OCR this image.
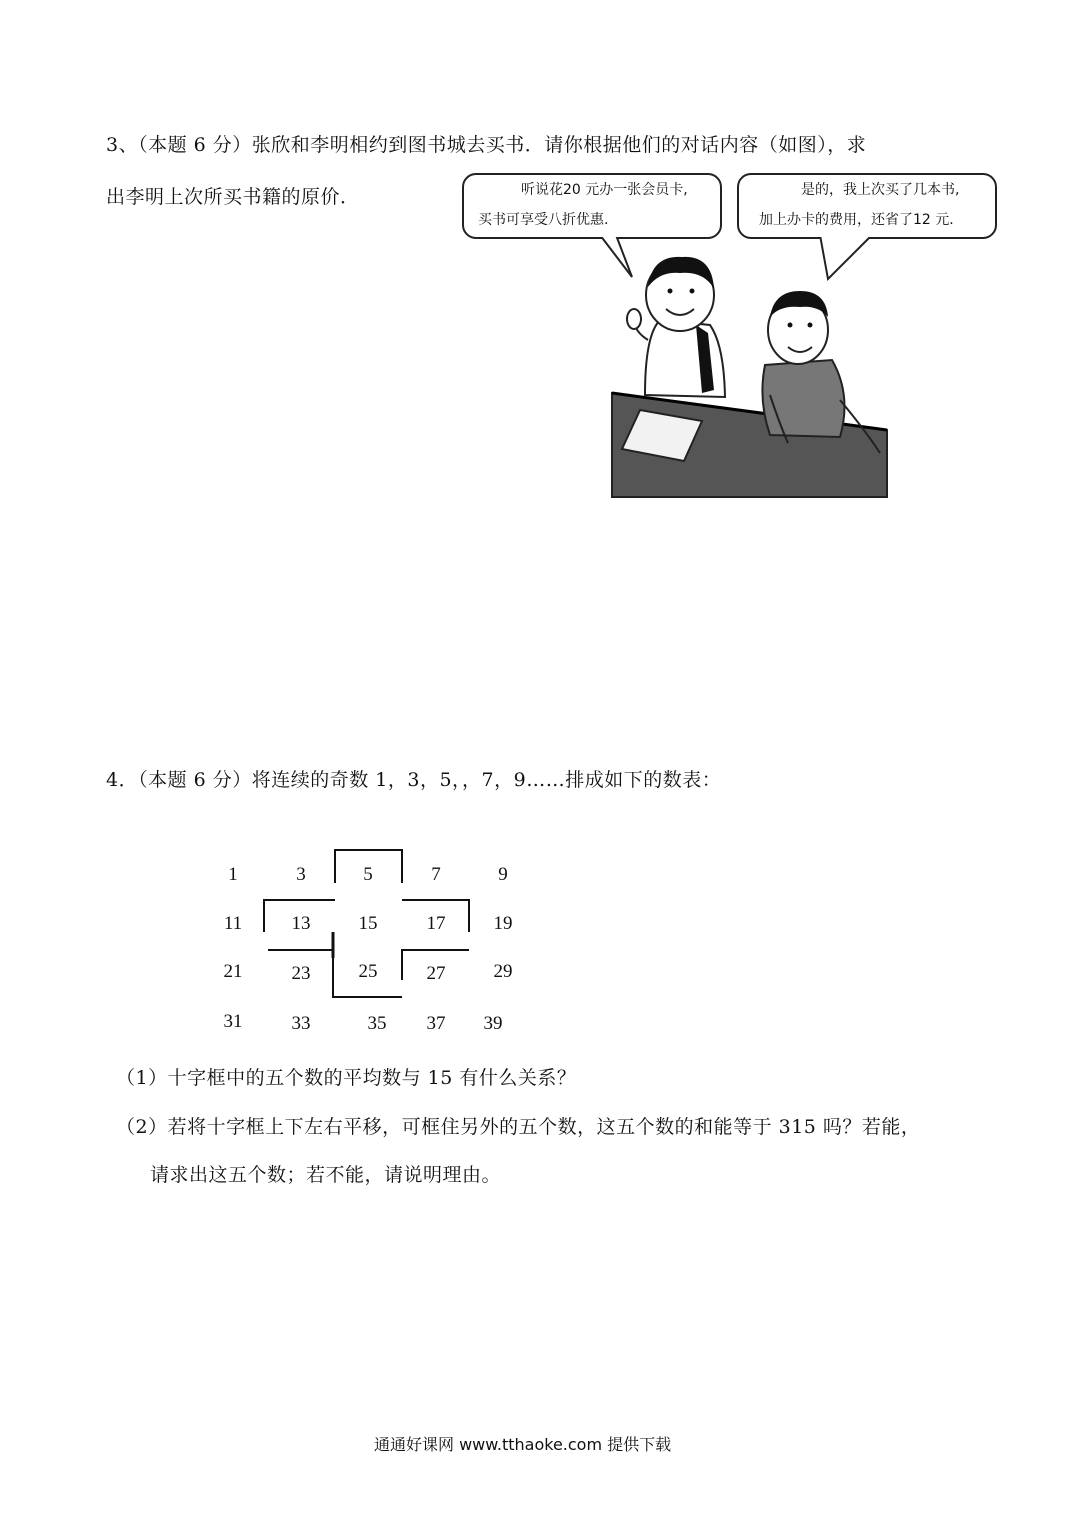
3、（本题 6 分）张欣和李明相约到图书城去买书．请你根据他们的对话内容（如图），求
出李明上次所买书籍的原价．	听说花20 元办一张会员卡,
买书可享受八折优惠.
是的，我上次买了几本书,
加上办卡的费用，还省了12 元.
4．（本题 6 分）将连续的奇数 1，3，5，，7，9……排成如下的数表：
1	3	5	7	9
11	13	15	17	19
21	23	25	27	29
31	33	35	37	39
（1）十字框中的五个数的平均数与 15 有什么关系？
（2）若将十字框上下左右平移，可框住另外的五个数，这五个数的和能等于 315 吗？若能，
请求出这五个数；若不能，请说明理由。
通通好课网 www.tthaoke.com 提供下载
